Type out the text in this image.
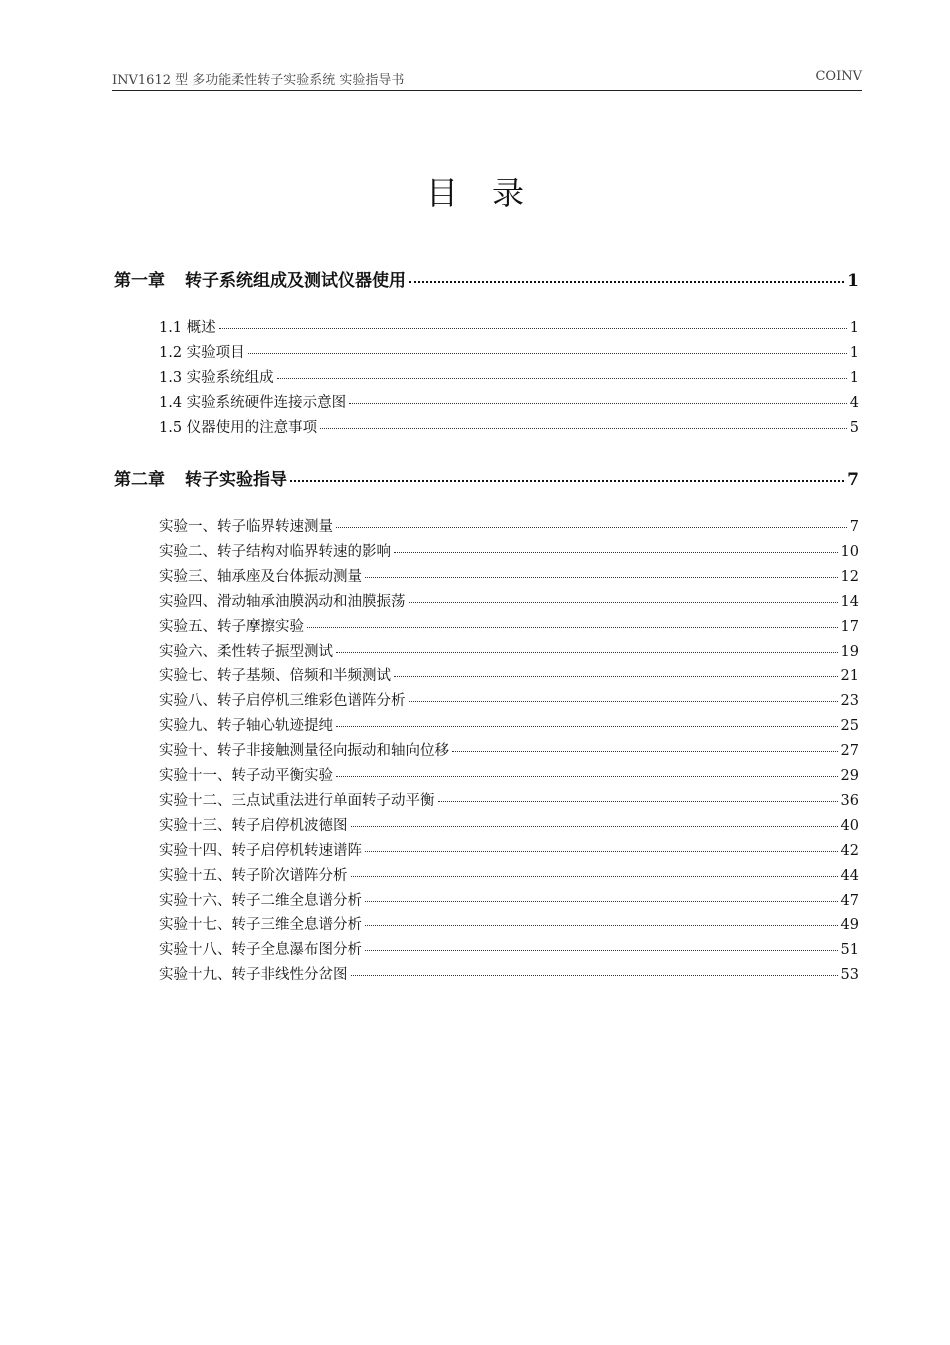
INV1612 型 多功能柔性转子实验系统 实验指导书	COINV
目录
第一章 转子系统组成及测试仪器使用	1
1.1 概述	1
1.2 实验项目	1
1.3 实验系统组成	1
1.4 实验系统硬件连接示意图	4
1.5 仪器使用的注意事项	5
第二章 转子实验指导	7
实验一、转子临界转速测量	7
实验二、转子结构对临界转速的影响	10
实验三、轴承座及台体振动测量	12
实验四、滑动轴承油膜涡动和油膜振荡	14
实验五、转子摩擦实验	17
实验六、柔性转子振型测试	19
实验七、转子基频、倍频和半频测试	21
实验八、转子启停机三维彩色谱阵分析	23
实验九、转子轴心轨迹提纯	25
实验十、转子非接触测量径向振动和轴向位移	27
实验十一、转子动平衡实验	29
实验十二、三点试重法进行单面转子动平衡	36
实验十三、转子启停机波德图	40
实验十四、转子启停机转速谱阵	42
实验十五、转子阶次谱阵分析	44
实验十六、转子二维全息谱分析	47
实验十七、转子三维全息谱分析	49
实验十八、转子全息瀑布图分析	51
实验十九、转子非线性分岔图	53
